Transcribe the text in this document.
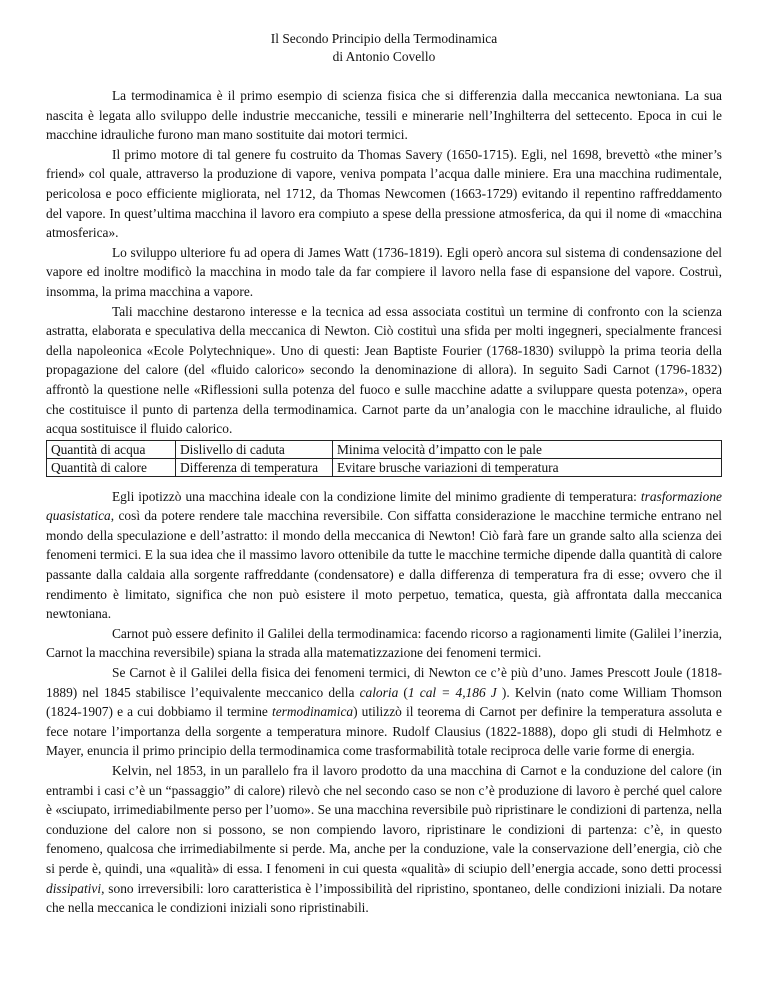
Il Secondo Principio della Termodinamica
di Antonio Covello

La termodinamica è il primo esempio di scienza fisica che si differenzia dalla meccanica newtoniana. La sua nascita è legata allo sviluppo delle industrie meccaniche, tessili e minerarie nell’Inghilterra del settecento. Epoca in cui le macchine idrauliche furono man mano sostituite dai motori termici.

Il primo motore di tal genere fu costruito da Thomas Savery (1650-1715). Egli, nel 1698, brevettò «the miner’s friend» col quale, attraverso la produzione di vapore, veniva pompata l’acqua dalle miniere. Era una macchina rudimentale, pericolosa e poco efficiente migliorata, nel 1712, da Thomas Newcomen (1663-1729) evitando il repentino raffreddamento del vapore. In quest’ultima macchina il lavoro era compiuto a spese della pressione atmosferica, da qui il nome di «macchina atmosferica».

Lo sviluppo ulteriore fu ad opera di James Watt (1736-1819). Egli operò ancora sul sistema di condensazione del vapore ed inoltre modificò la macchina in modo tale da far compiere il lavoro nella fase di espansione del vapore. Costruì, insomma, la prima macchina a vapore.

Tali macchine destarono interesse e la tecnica ad essa associata costituì un termine di confronto con la scienza astratta, elaborata e speculativa della meccanica di Newton. Ciò costituì una sfida per molti ingegneri, specialmente francesi della napoleonica «Ecole Polytechnique». Uno di questi: Jean Baptiste Fourier (1768-1830) sviluppò la prima teoria della propagazione del calore (del «fluido calorico» secondo la denominazione di allora). In seguito Sadi Carnot (1796-1832) affrontò la questione nelle «Riflessioni sulla potenza del fuoco e sulle macchine adatte a sviluppare questa potenza», opera che costituisce il punto di partenza della termodinamica. Carnot parte da un’analogia con le macchine idrauliche, al fluido acqua sostituisce il fluido calorico.

Quantità di acqua	Dislivello di caduta	Minima velocità d’impatto con le pale
Quantità di calore	Differenza di temperatura	Evitare brusche variazioni di temperatura

Egli ipotizzò una macchina ideale con la condizione limite del minimo gradiente di temperatura: trasformazione quasistatica, così da potere rendere tale macchina reversibile. Con siffatta considerazione le macchine termiche entrano nel mondo della speculazione e dell’astratto: il mondo della meccanica di Newton! Ciò farà fare un grande salto alla scienza dei fenomeni termici. E la sua idea che il massimo lavoro ottenibile da tutte le macchine termiche dipende dalla quantità di calore passante dalla caldaia alla sorgente raffreddante (condensatore) e dalla differenza di temperatura fra di esse; ovvero che il rendimento è limitato, significa che non può esistere il moto perpetuo, tematica, questa, già affrontata dalla meccanica newtoniana.

Carnot può essere definito il Galilei della termodinamica: facendo ricorso a ragionamenti limite (Galilei l’inerzia, Carnot la macchina reversibile) spiana la strada alla matematizzazione dei fenomeni termici.

Se Carnot è il Galilei della fisica dei fenomeni termici, di Newton ce c’è più d’uno. James Prescott Joule (1818-1889) nel 1845 stabilisce l’equivalente meccanico della caloria (1 cal = 4,186 J ). Kelvin (nato come William Thomson (1824-1907) e a cui dobbiamo il termine termodinamica) utilizzò il teorema di Carnot per definire la temperatura assoluta e fece notare l’importanza della sorgente a temperatura minore. Rudolf Clausius (1822-1888), dopo gli studi di Helmhotz e Mayer, enuncia il primo principio della termodinamica come trasformabilità totale reciproca delle varie forme di energia.

Kelvin, nel 1853, in un parallelo fra il lavoro prodotto da una macchina di Carnot e la conduzione del calore (in entrambi i casi c’è un “passaggio” di calore) rilevò che nel secondo caso se non c’è produzione di lavoro è perché quel calore è «sciupato, irrimediabilmente perso per l’uomo». Se una macchina reversibile può ripristinare le condizioni di partenza, nella conduzione del calore non si possono, se non compiendo lavoro, ripristinare le condizioni di partenza: c’è, in questo fenomeno, qualcosa che irrimediabilmente si perde. Ma, anche per la conduzione, vale la conservazione dell’energia, ciò che si perde è, quindi, una «qualità» di essa. I fenomeni in cui questa «qualità» di sciupio dell’energia accade, sono detti processi dissipativi, sono irreversibili: loro caratteristica è l’impossibilità del ripristino, spontaneo, delle condizioni iniziali. Da notare che nella meccanica le condizioni iniziali sono ripristinabili.
